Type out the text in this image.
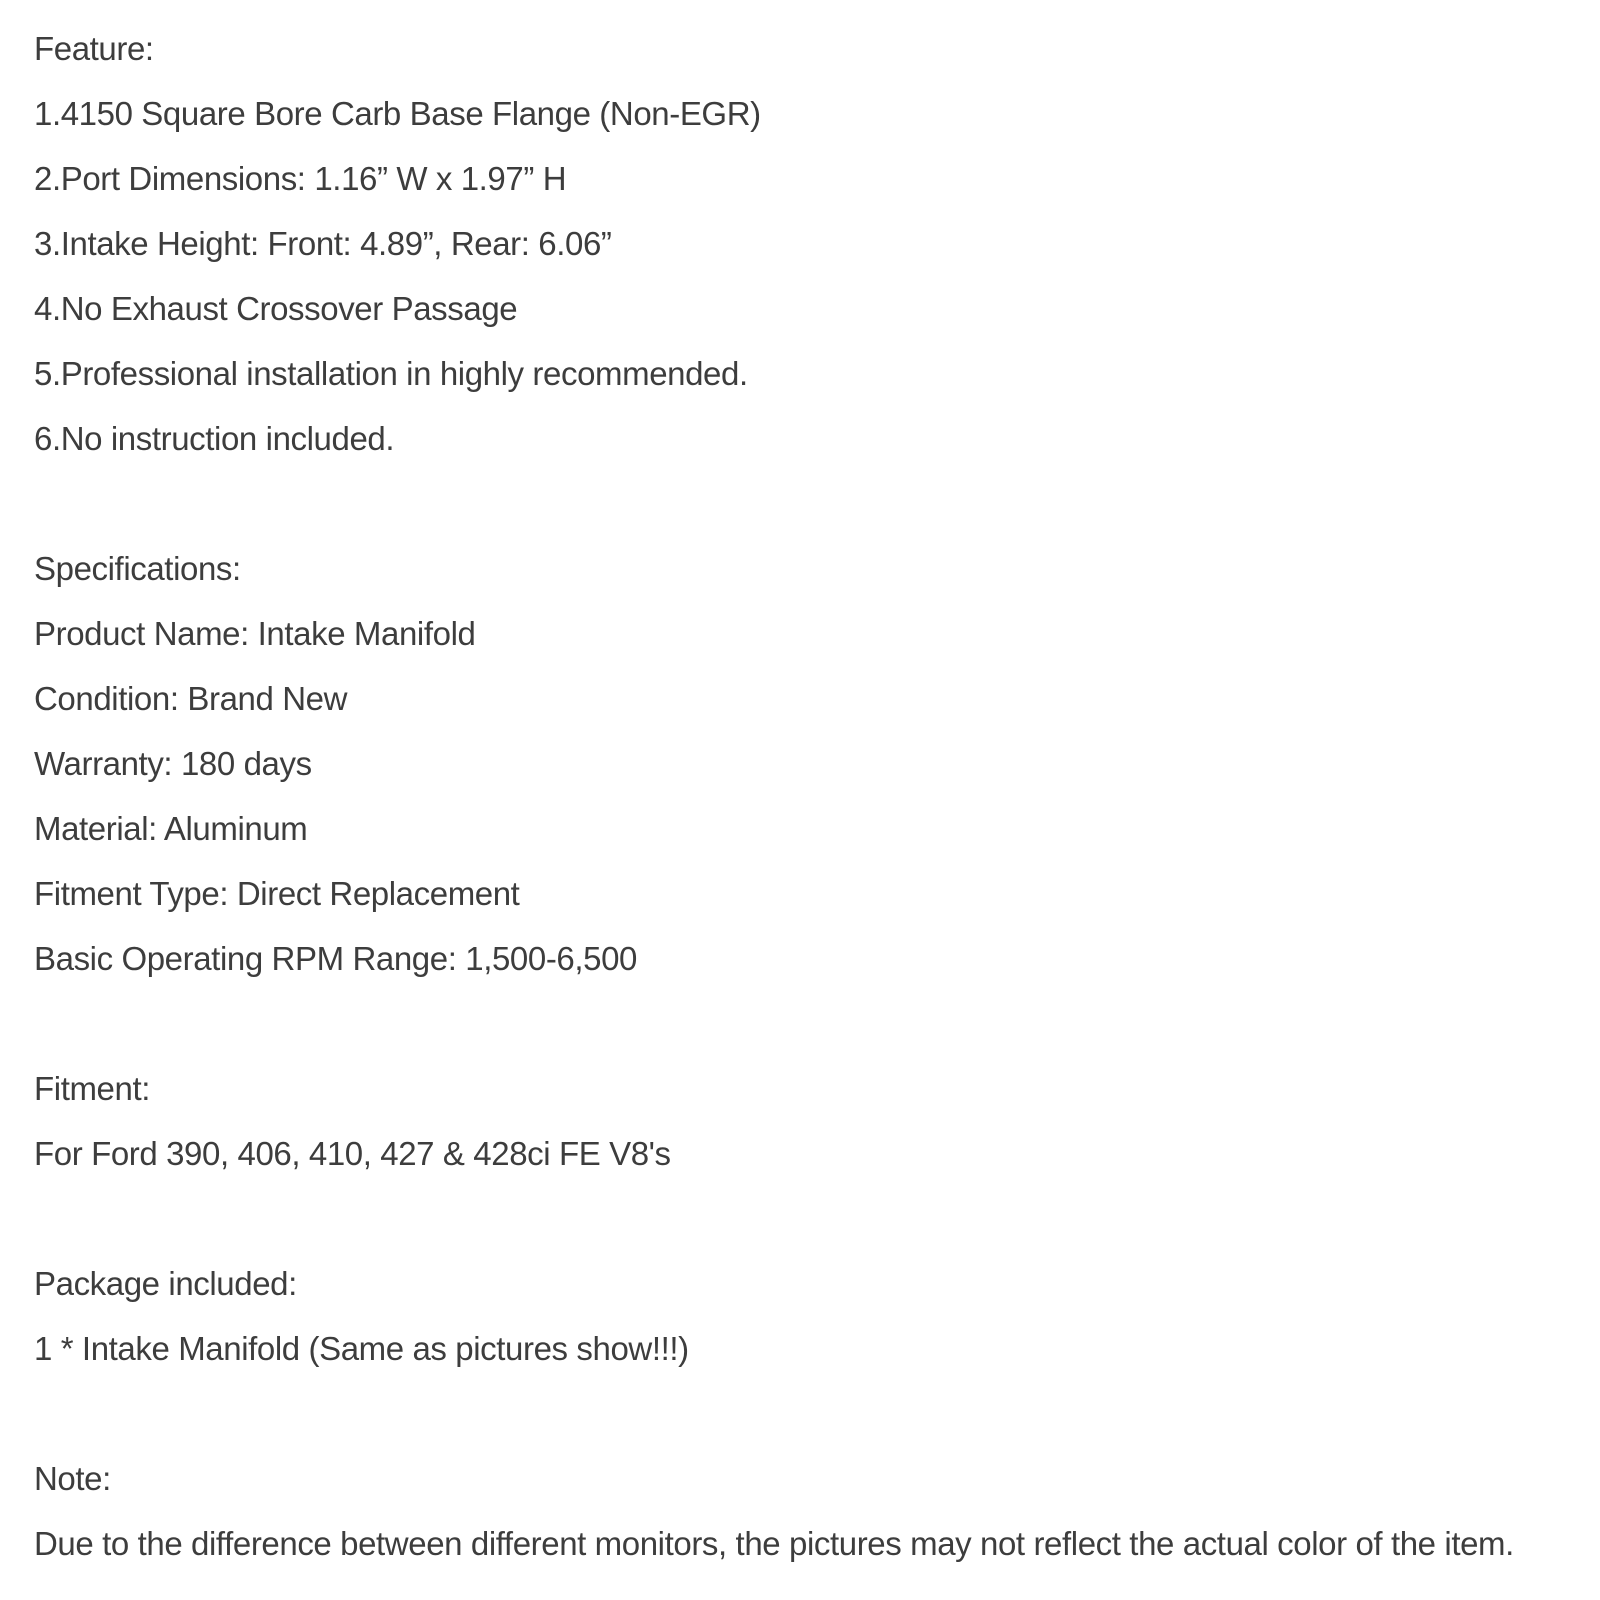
Feature:
1.4150 Square Bore Carb Base Flange (Non-EGR)
2.Port Dimensions: 1.16” W x 1.97” H
3.Intake Height: Front: 4.89”, Rear: 6.06”
4.No Exhaust Crossover Passage
5.Professional installation in highly recommended.
6.No instruction included.
Specifications:
Product Name: Intake Manifold
Condition: Brand New
Warranty: 180 days
Material: Aluminum
Fitment Type: Direct Replacement
Basic Operating RPM Range: 1,500-6,500
Fitment:
For Ford 390, 406, 410, 427 & 428ci FE V8's
Package included:
1 * Intake Manifold (Same as pictures show!!!)
Note:
Due to the difference between different monitors, the pictures may not reflect the actual color of the item.
